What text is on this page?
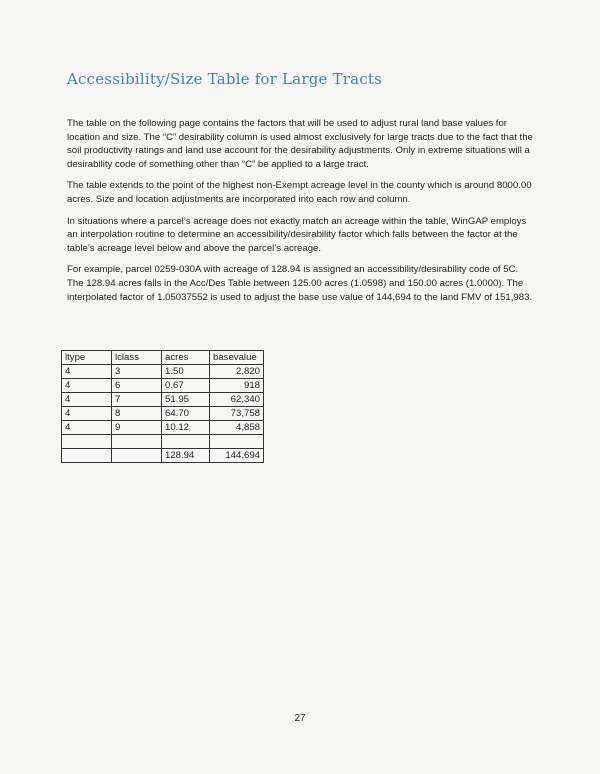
Accessibility/Size Table for Large Tracts

The table on the following page contains the factors that will be used to adjust rural land base values for location and size. The “C” desirability column is used almost exclusively for large tracts due to the fact that the soil productivity ratings and land use account for the desirability adjustments. Only in extreme situations will a desirability code of something other than “C” be applied to a large tract.

The table extends to the point of the highest non-Exempt acreage level in the county which is around 8000.00 acres. Size and location adjustments are incorporated into each row and column.

In situations where a parcel’s acreage does not exactly match an acreage within the table, WinGAP employs an interpolation routine to determine an accessibility/desirability factor which falls between the factor at the table’s acreage level below and above the parcel’s acreage.

For example, parcel 0259-030A with acreage of 128.94 is assigned an accessibility/desirability code of 5C. The 128.94 acres falls in the Acc/Des Table between 125.00 acres (1.0598) and 150.00 acres (1.0000). The interpolated factor of 1.05037552 is used to adjust the base use value of 144,694 to the land FMV of 151,983.

ltype	lclass	acres	basevalue
4	3	1.50	2,820
4	6	0.67	918
4	7	51.95	62,340
4	8	64.70	73,758
4	9	10.12	4,858

		128.94	144,694
27
